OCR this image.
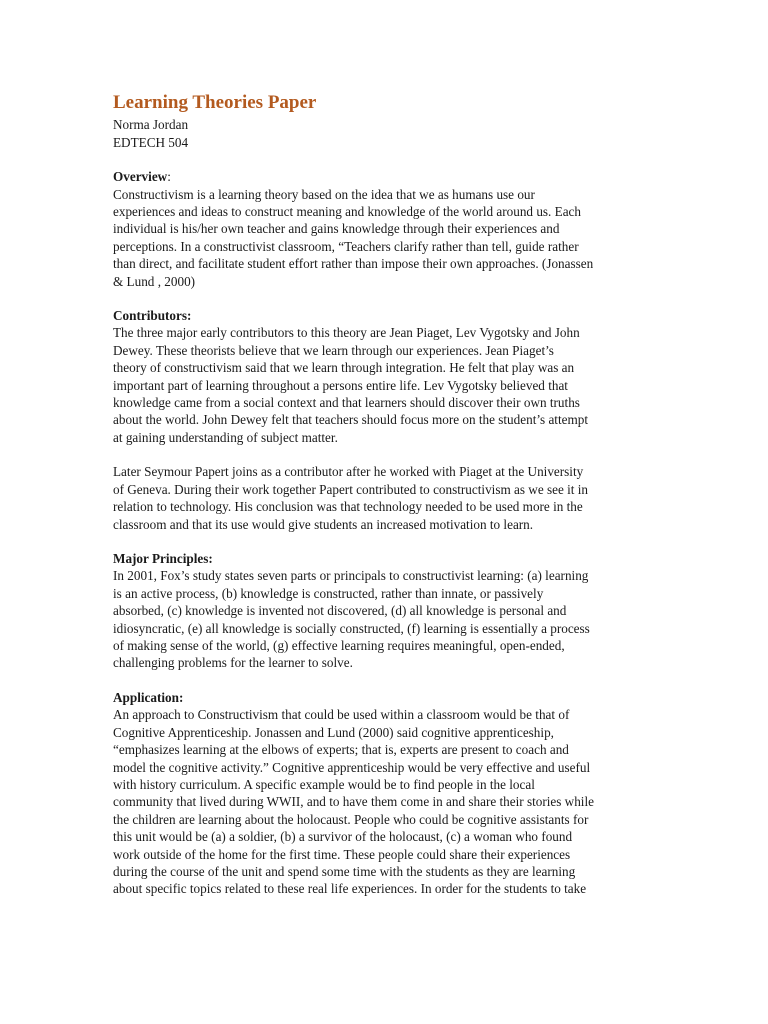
Learning Theories Paper

Norma Jordan

EDTECH 504

Overview:

Constructivism is a learning theory based on the idea that we as humans use our
experiences and ideas to construct meaning and knowledge of the world around us. Each
individual is his/her own teacher and gains knowledge through their experiences and
perceptions. In a constructivist classroom, “Teachers clarify rather than tell, guide rather
than direct, and facilitate student effort rather than impose their own approaches. (Jonassen
& Lund , 2000)

Contributors:

The three major early contributors to this theory are Jean Piaget, Lev Vygotsky and John
Dewey. These theorists believe that we learn through our experiences. Jean Piaget’s
theory of constructivism said that we learn through integration. He felt that play was an
important part of learning throughout a persons entire life. Lev Vygotsky believed that
knowledge came from a social context and that learners should discover their own truths
about the world. John Dewey felt that teachers should focus more on the student’s attempt
at gaining understanding of subject matter.
Later Seymour Papert joins as a contributor after he worked with Piaget at the University
of Geneva. During their work together Papert contributed to constructivism as we see it in
relation to technology. His conclusion was that technology needed to be used more in the
classroom and that its use would give students an increased motivation to learn.

Major Principles:

In 2001, Fox’s study states seven parts or principals to constructivist learning: (a) learning
is an active process, (b) knowledge is constructed, rather than innate, or passively
absorbed, (c) knowledge is invented not discovered, (d) all knowledge is personal and
idiosyncratic, (e) all knowledge is socially constructed, (f) learning is essentially a process
of making sense of the world, (g) effective learning requires meaningful, open-ended,
challenging problems for the learner to solve.

Application:

An approach to Constructivism that could be used within a classroom would be that of
Cognitive Apprenticeship. Jonassen and Lund (2000) said cognitive apprenticeship,
“emphasizes learning at the elbows of experts; that is, experts are present to coach and
model the cognitive activity.” Cognitive apprenticeship would be very effective and useful
with history curriculum. A specific example would be to find people in the local
community that lived during WWII, and to have them come in and share their stories while
the children are learning about the holocaust. People who could be cognitive assistants for
this unit would be (a) a soldier, (b) a survivor of the holocaust, (c) a woman who found
work outside of the home for the first time. These people could share their experiences
during the course of the unit and spend some time with the students as they are learning
about specific topics related to these real life experiences. In order for the students to take
